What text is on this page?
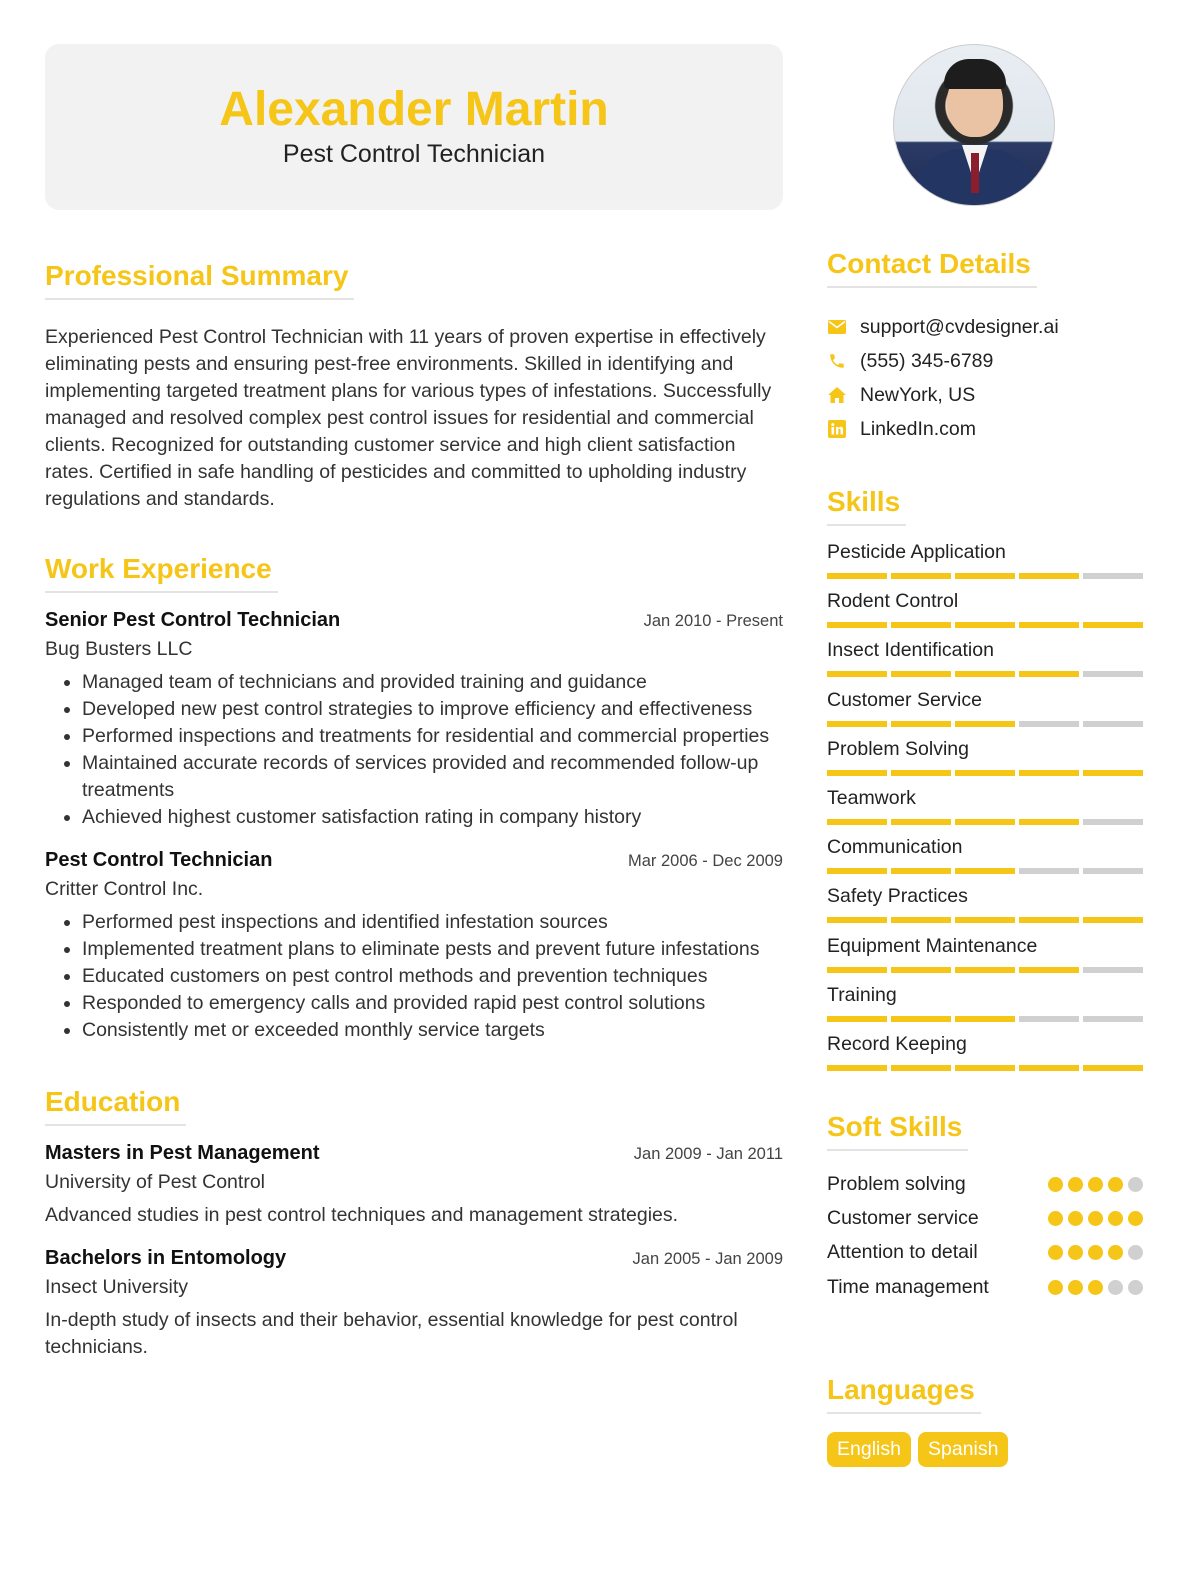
Alexander Martin
Pest Control Technician
Professional Summary

Experienced Pest Control Technician with 11 years of proven expertise in effectively eliminating pests and ensuring pest-free environments. Skilled in identifying and implementing targeted treatment plans for various types of infestations. Successfully managed and resolved complex pest control issues for residential and commercial clients. Recognized for outstanding customer service and high client satisfaction rates. Certified in safe handling of pesticides and committed to upholding industry regulations and standards.

Work Experience
Senior Pest Control Technician	Jan 2010 - Present
Bug Busters LLC
• Managed team of technicians and provided training and guidance
• Developed new pest control strategies to improve efficiency and effectiveness
• Performed inspections and treatments for residential and commercial properties
• Maintained accurate records of services provided and recommended follow-up treatments
• Achieved highest customer satisfaction rating in company history
Pest Control Technician	Mar 2006 - Dec 2009
Critter Control Inc.
• Performed pest inspections and identified infestation sources
• Implemented treatment plans to eliminate pests and prevent future infestations
• Educated customers on pest control methods and prevention techniques
• Responded to emergency calls and provided rapid pest control solutions
• Consistently met or exceeded monthly service targets
Education
Masters in Pest Management	Jan 2009 - Jan 2011
University of Pest Control
Advanced studies in pest control techniques and management strategies.
Bachelors in Entomology	Jan 2005 - Jan 2009
Insect University
In-depth study of insects and their behavior, essential knowledge for pest control technicians.
Contact Details
support@cvdesigner.ai
(555) 345-6789
NewYork, US
LinkedIn.com
Skills
Pesticide Application
Rodent Control
Insect Identification
Customer Service
Problem Solving
Teamwork
Communication
Safety Practices
Equipment Maintenance
Training
Record Keeping
Soft Skills
Problem solving
Customer service
Attention to detail
Time management
Languages
English	Spanish
